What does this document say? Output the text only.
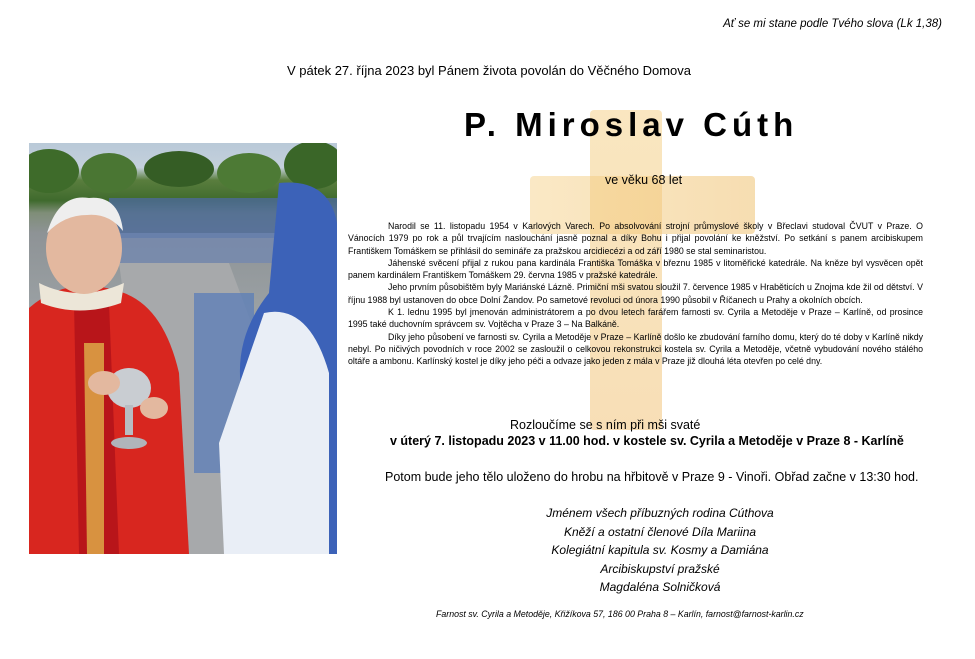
Ať se mi stane podle Tvého slova (Lk 1,38)
V pátek 27. října 2023 byl Pánem života povolán do Věčného Domova
P. Miroslav Cúth
ve věku 68 let

Narodil se 11. listopadu 1954 v Karlových Varech. Po absolvování strojní průmyslové školy v Břeclavi studoval ČVUT v Praze. O Vánocích 1979 po rok a půl trvajícím naslouchání jasně poznal a díky Bohu i přijal povolání ke kněžství. Po setkání s panem arcibiskupem Františkem Tomáškem se přihlásil do semináře za pražskou arcidiecézi a od září 1980 se stal seminaristou.

Jáhenské svěcení přijal z rukou pana kardinála Františka Tomáška v březnu 1985 v litoměřické katedrále. Na kněze byl vysvěcen opět panem kardinálem Františkem Tomáškem 29. června 1985 v pražské katedrále.

Jeho prvním působištěm byly Mariánské Lázně. Primiční mši svatou sloužil 7. července 1985 v Hraběticích u Znojma kde žil od dětství. V říjnu 1988 byl ustanoven do obce Dolní Žandov. Po sametové revoluci od února 1990 působil v Říčanech u Prahy a okolních obcích.

K 1. lednu 1995 byl jmenován administrátorem a po dvou letech farářem farnosti sv. Cyrila a Metoděje v Praze – Karlíně, od prosince 1995 také duchovním správcem sv. Vojtěcha v Praze 3 – Na Balkáně.

Díky jeho působení ve farnosti sv. Cyrila a Metoděje v Praze – Karlíně došlo ke zbudování farního domu, který do té doby v Karlíně nikdy nebyl. Po ničivých povodních v roce 2002 se zasloužil o celkovou rekonstrukci kostela sv. Cyrila a Metoděje, včetně vybudování nového stálého oltáře a ambonu. Karlínský kostel je díky jeho péči a odvaze jako jeden z mála v Praze již dlouhá léta otevřen po celé dny.

Rozloučíme se s ním při mši svaté
v úterý 7. listopadu 2023 v 11.00 hod. v kostele sv. Cyrila a Metoděje v Praze 8 - Karlíně
Potom bude jeho tělo uloženo do hrobu na hřbitově v Praze 9 - Vinoři. Obřad začne v 13:30 hod.
Jménem všech příbuzných rodina Cúthova
Kněží a ostatní členové Díla Mariina
Kolegiátní kapitula sv. Kosmy a Damiána
Arcibiskupství pražské
Magdaléna Solničková
Farnost sv. Cyrila a Metoděje, Křižíkova 57, 186 00 Praha 8 – Karlín, farnost@farnost-karlin.cz
